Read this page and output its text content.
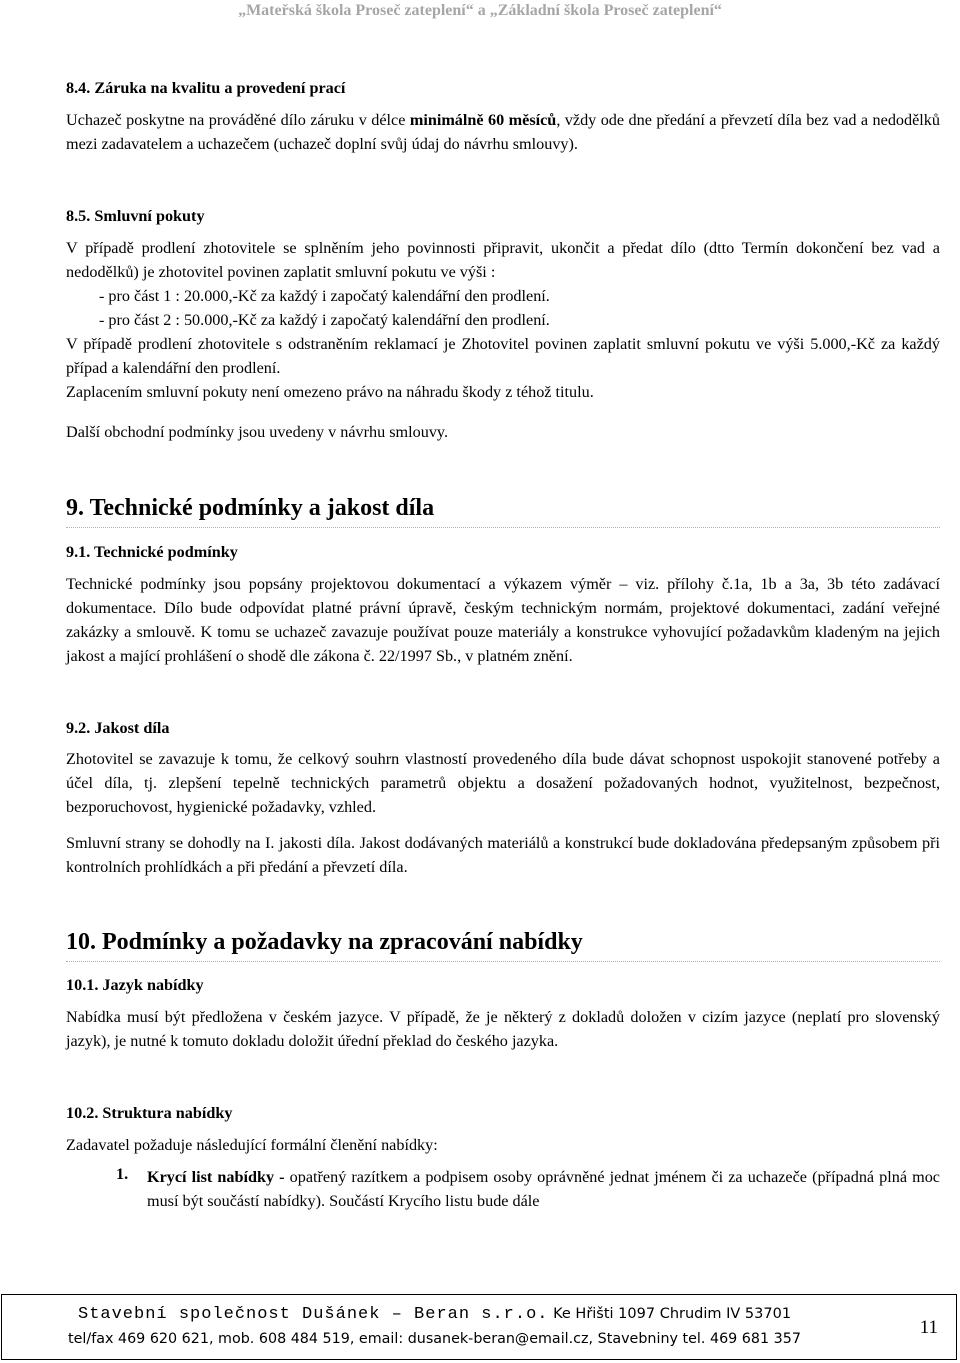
„Mateřská škola Proseč zateplení“ a „Základní škola Proseč zateplení“
8.4. Záruka na kvalitu a provedení prací

Uchazeč poskytne na prováděné dílo záruku v délce minimálně 60 měsíců, vždy ode dne předání a převzetí díla bez vad a nedodělků mezi zadavatelem a uchazečem (uchazeč doplní svůj údaj do návrhu smlouvy).

8.5. Smluvní pokuty

V případě prodlení zhotovitele se splněním jeho povinnosti připravit, ukončit a předat dílo (dtto Termín dokončení bez vad a nedodělků) je zhotovitel povinen zaplatit smluvní pokutu ve výši :

- pro část 1 : 20.000,-Kč za každý i započatý kalendářní den prodlení.

- pro část 2 : 50.000,-Kč za každý i započatý kalendářní den prodlení.

V případě prodlení zhotovitele s odstraněním reklamací je Zhotovitel povinen zaplatit smluvní pokutu ve výši 5.000,-Kč za každý případ a kalendářní den prodlení.

Zaplacením smluvní pokuty není omezeno právo na náhradu škody z téhož titulu.

Další obchodní podmínky jsou uvedeny v návrhu smlouvy.

9. Technické podmínky a jakost díla
9.1. Technické podmínky

Technické podmínky jsou popsány projektovou dokumentací a výkazem výměr – viz. přílohy č.1a, 1b a 3a, 3b této zadávací dokumentace. Dílo bude odpovídat platné právní úpravě, českým technickým normám, projektové dokumentaci, zadání veřejné zakázky a smlouvě. K tomu se uchazeč zavazuje používat pouze materiály a konstrukce vyhovující požadavkům kladeným na jejich jakost a mající prohlášení o shodě dle zákona č. 22/1997 Sb., v platném znění.

9.2. Jakost díla

Zhotovitel se zavazuje k tomu, že celkový souhrn vlastností provedeného díla bude dávat schopnost uspokojit stanovené potřeby a účel díla, tj. zlepšení tepelně technických parametrů objektu a dosažení požadovaných hodnot, využitelnost, bezpečnost, bezporuchovost, hygienické požadavky, vzhled.

Smluvní strany se dohodly na I. jakosti díla. Jakost dodávaných materiálů a konstrukcí bude dokladována předepsaným způsobem při kontrolních prohlídkách a při předání a převzetí díla.

10. Podmínky a požadavky na zpracování nabídky
10.1. Jazyk nabídky

Nabídka musí být předložena v českém jazyce. V případě, že je některý z dokladů doložen v cizím jazyce (neplatí pro slovenský jazyk), je nutné k tomuto dokladu doložit úřední překlad do českého jazyka.

10.2. Struktura nabídky

Zadavatel požaduje následující formální členění nabídky:

1. Krycí list nabídky - opatřený razítkem a podpisem osoby oprávněné jednat jménem či za uchazeče (případná plná moc musí být součástí nabídky). Součástí Krycího listu bude dále
Stavební společnost Dušánek – Beran s.r.o. Ke Hřišti 1097 Chrudim IV 53701
tel/fax 469 620 621, mob. 608 484 519, email: dusanek-beran@email.cz, Stavebniny tel. 469 681 357
11
